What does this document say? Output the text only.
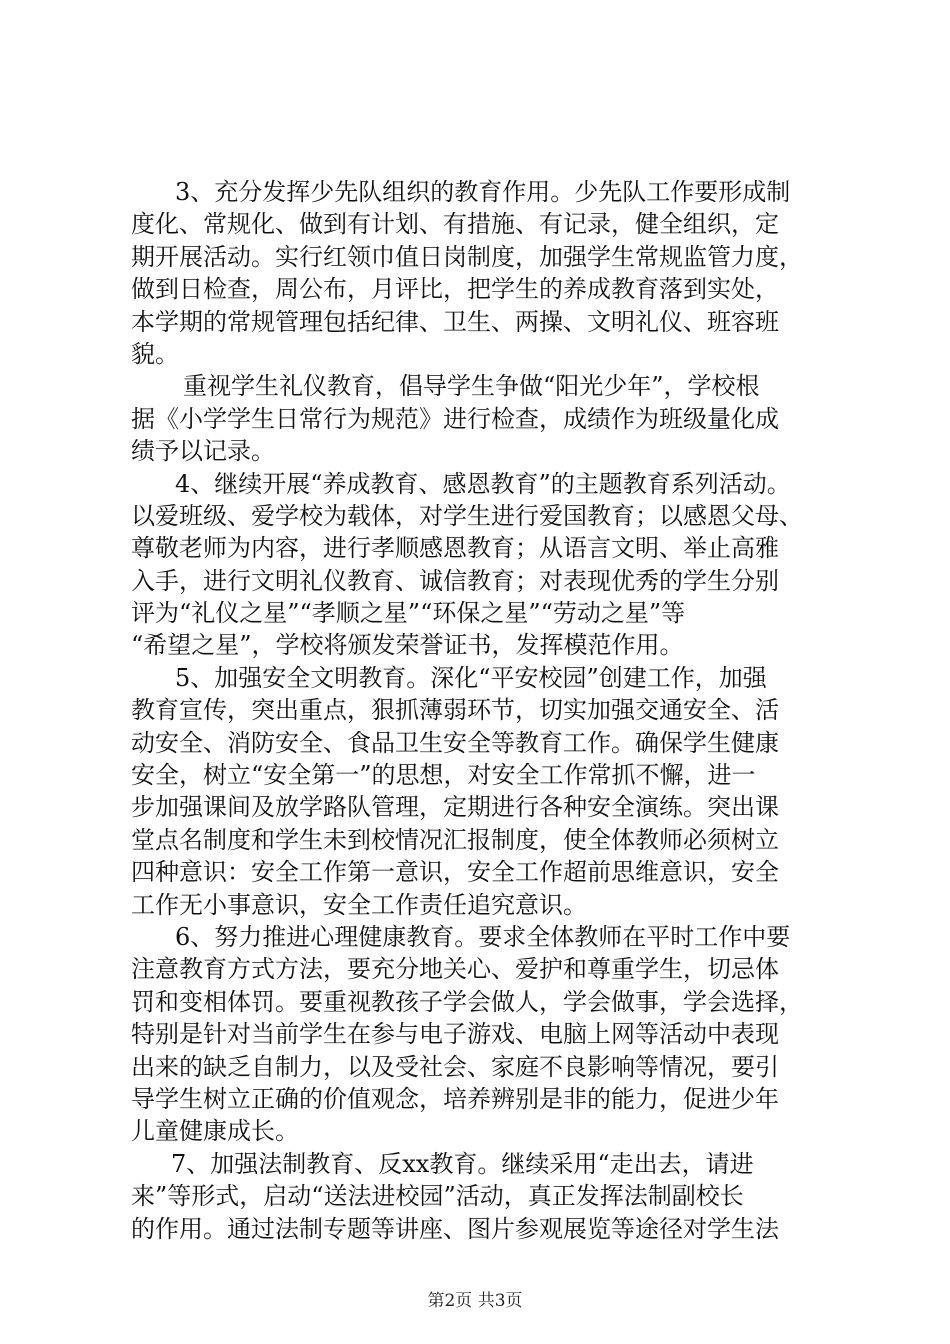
3、充分发挥少先队组织的教育作用。少先队工作要形成制
度化、常规化、做到有计划、有措施、有记录，健全组织，定
期开展活动。实行红领巾值日岗制度，加强学生常规监管力度，
做到日检查，周公布，月评比，把学生的养成教育落到实处，
本学期的常规管理包括纪律、卫生、两操、文明礼仪、班容班
貌。
重视学生礼仪教育，倡导学生争做“阳光少年”，学校根
据《小学学生日常行为规范》进行检查，成绩作为班级量化成
绩予以记录。
4、继续开展“养成教育、感恩教育”的主题教育系列活动。
以爱班级、爱学校为载体，对学生进行爱国教育；以感恩父母、
尊敬老师为内容，进行孝顺感恩教育；从语言文明、举止高雅
入手，进行文明礼仪教育、诚信教育；对表现优秀的学生分别
评为“礼仪之星”“孝顺之星”“环保之星”“劳动之星”等
“希望之星”，学校将颁发荣誉证书，发挥模范作用。
5、加强安全文明教育。深化“平安校园”创建工作，加强
教育宣传，突出重点，狠抓薄弱环节，切实加强交通安全、活
动安全、消防安全、食品卫生安全等教育工作。确保学生健康
安全，树立“安全第一”的思想，对安全工作常抓不懈，进一
步加强课间及放学路队管理，定期进行各种安全演练。突出课
堂点名制度和学生未到校情况汇报制度，使全体教师必须树立
四种意识：安全工作第一意识，安全工作超前思维意识，安全
工作无小事意识，安全工作责任追究意识。
6、努力推进心理健康教育。要求全体教师在平时工作中要
注意教育方式方法，要充分地关心、爱护和尊重学生，切忌体
罚和变相体罚。要重视教孩子学会做人，学会做事，学会选择，
特别是针对当前学生在参与电子游戏、电脑上网等活动中表现
出来的缺乏自制力，以及受社会、家庭不良影响等情况，要引
导学生树立正确的价值观念，培养辨别是非的能力，促进少年
儿童健康成长。
7、加强法制教育、反xx教育。继续采用“走出去，请进
来”等形式，启动“送法进校园”活动，真正发挥法制副校长
的作用。通过法制专题等讲座、图片参观展览等途径对学生法
第2页 共3页
